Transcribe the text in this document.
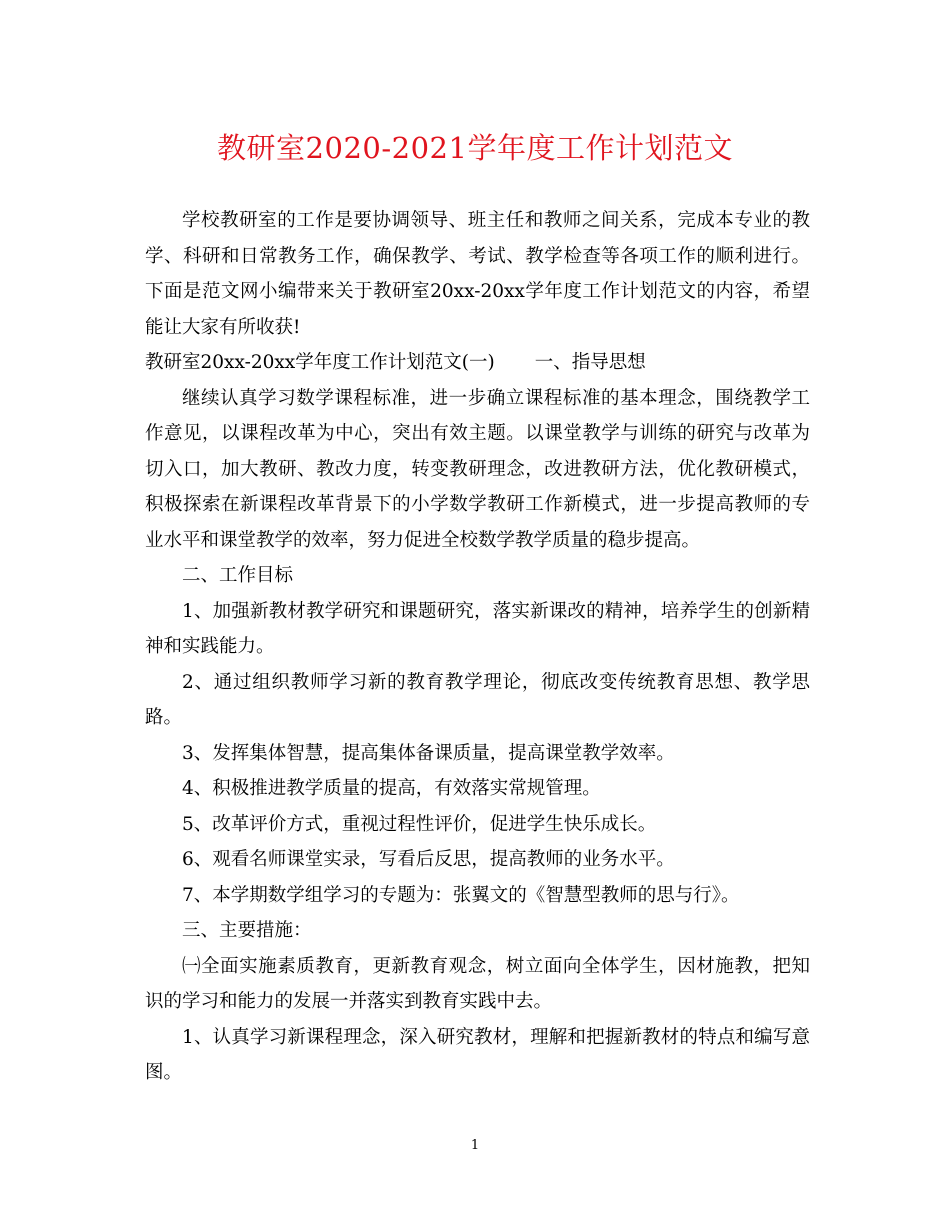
教研室2020-2021学年度工作计划范文

学校教研室的工作是要协调领导、班主任和教师之间关系，完成本专业的教学、科研和日常教务工作，确保教学、考试、教学检查等各项工作的顺利进行。下面是范文网小编带来关于教研室20xx-20xx学年度工作计划范文的内容，希望能让大家有所收获!

教研室20xx-20xx学年度工作计划范文(一) 一、指导思想

继续认真学习数学课程标准，进一步确立课程标准的基本理念，围绕教学工作意见，以课程改革为中心，突出有效主题。以课堂教学与训练的研究与改革为切入口，加大教研、教改力度，转变教研理念，改进教研方法，优化教研模式，积极探索在新课程改革背景下的小学数学教研工作新模式，进一步提高教师的专业水平和课堂教学的效率，努力促进全校数学教学质量的稳步提高。

二、工作目标

1、加强新教材教学研究和课题研究，落实新课改的精神，培养学生的创新精神和实践能力。

2、通过组织教师学习新的教育教学理论，彻底改变传统教育思想、教学思路。

3、发挥集体智慧，提高集体备课质量，提高课堂教学效率。

4、积极推进教学质量的提高，有效落实常规管理。

5、改革评价方式，重视过程性评价，促进学生快乐成长。

6、观看名师课堂实录，写看后反思，提高教师的业务水平。

7、本学期数学组学习的专题为：张翼文的《智慧型教师的思与行》。

三、主要措施：

㈠全面实施素质教育，更新教育观念，树立面向全体学生，因材施教，把知识的学习和能力的发展一并落实到教育实践中去。

1、认真学习新课程理念，深入研究教材，理解和把握新教材的特点和编写意图。

1
